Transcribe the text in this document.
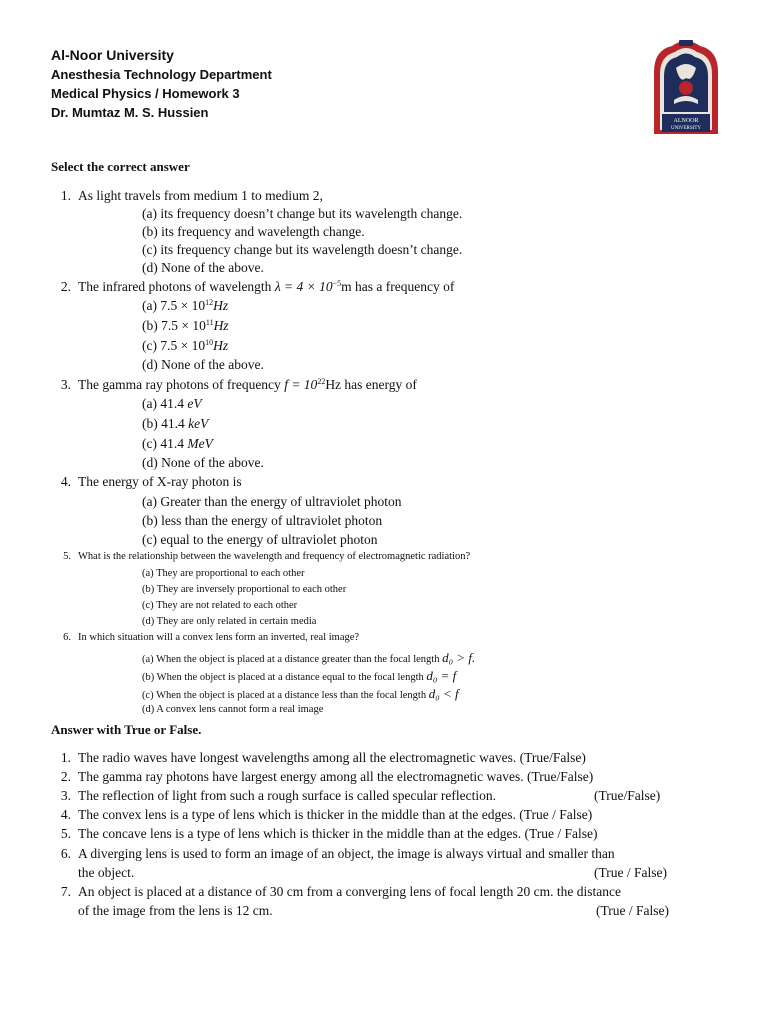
Al-Noor University
Anesthesia Technology Department
Medical Physics / Homework 3
Dr. Mumtaz M. S. Hussien
ALNOOR
UNIVERSITY
Select the correct answer
1. As light travels from medium 1 to medium 2,
(a) its frequency doesn’t change but its wavelength change.
(b) its frequency and wavelength change.
(c) its frequency change but its wavelength doesn’t change.
(d) None of the above.
2. The infrared photons of wavelength $\lambda = 4 \times 10^{-5}m$ has a frequency of
(a) $7.5 \times 10^{12}Hz$
(b) $7.5 \times 10^{11}Hz$
(c) $7.5 \times 10^{10}Hz$
(d) None of the above.
3. The gamma ray photons of frequency $f = 10^{22}Hz$ has energy of
(a) 41.4 eV
(b) 41.4 keV
(c) 41.4 MeV
(d) None of the above.
4. The energy of X-ray photon is
(a) Greater than the energy of ultraviolet photon
(b) less than the energy of ultraviolet photon
(c) equal to the energy of ultraviolet photon
5. What is the relationship between the wavelength and frequency of electromagnetic radiation?
(a) They are proportional to each other
(b) They are inversely proportional to each other
(c) They are not related to each other
(d) They are only related in certain media
6. In which situation will a convex lens form an inverted, real image?
(a) When the object is placed at a distance greater than the focal length d₀ > f.
(b) When the object is placed at a distance equal to the focal length d₀ = f
(c) When the object is placed at a distance less than the focal length d₀ < f
(d) A convex lens cannot form a real image
Answer with True or False.
1. The radio waves have longest wavelengths among all the electromagnetic waves. (True/False)
2. The gamma ray photons have largest energy among all the electromagnetic waves. (True/False)
3. The reflection of light from such a rough surface is called specular reflection.	(True/False)
4. The convex lens is a type of lens which is thicker in the middle than at the edges. (True / False)
5. The concave lens is a type of lens which is thicker in the middle than at the edges. (True / False)
6. A diverging lens is used to form an image of an object, the image is always virtual and smaller than
the object.	(True / False)
7. An object is placed at a distance of 30 cm from a converging lens of focal length 20 cm. the distance
of the image from the lens is 12 cm.	(True / False)
